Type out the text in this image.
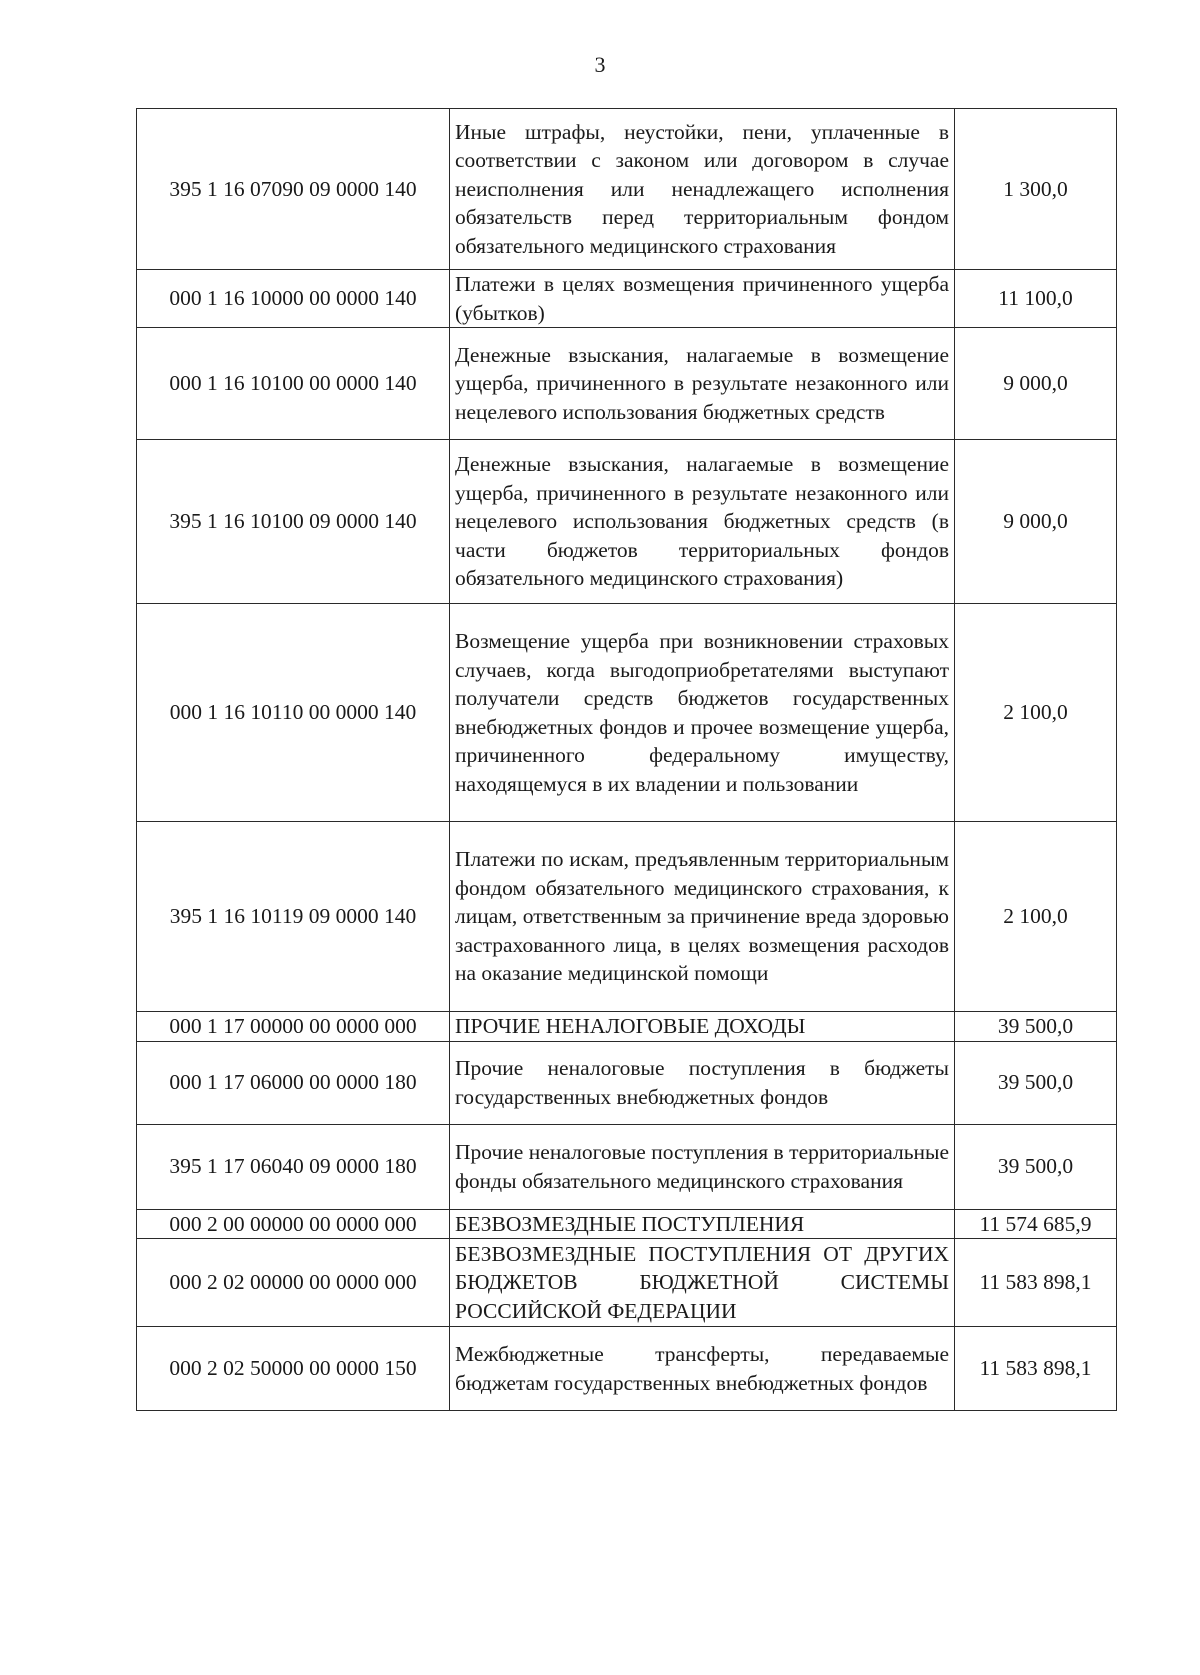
3
395 1 16 07090 09 0000 140	Иные штрафы, неустойки, пени, уплаченные в соответствии с законом или договором в случае неисполнения или ненадлежащего исполнения обязательств перед территориальным фондом обязательного медицинского страхования	1 300,0
000 1 16 10000 00 0000 140	Платежи в целях возмещения причиненного ущерба (убытков)	11 100,0
000 1 16 10100 00 0000 140	Денежные взыскания, налагаемые в возмещение ущерба, причиненного в результате незаконного или нецелевого использования бюджетных средств	9 000,0
395 1 16 10100 09 0000 140	Денежные взыскания, налагаемые в возмещение ущерба, причиненного в результате незаконного или нецелевого использования бюджетных средств (в части бюджетов территориальных фондов обязательного медицинского страхования)	9 000,0
000 1 16 10110 00 0000 140	Возмещение ущерба при возникновении страховых случаев, когда выгодоприобретателями выступают получатели средств бюджетов государственных внебюджетных фондов и прочее возмещение ущерба, причиненного федеральному имуществу, находящемуся в их владении и пользовании	2 100,0
395 1 16 10119 09 0000 140	Платежи по искам, предъявленным территориальным фондом обязательного медицинского страхования, к лицам, ответственным за причинение вреда здоровью застрахованного лица, в целях возмещения расходов на оказание медицинской помощи	2 100,0
000 1 17 00000 00 0000 000	ПРОЧИЕ НЕНАЛОГОВЫЕ ДОХОДЫ	39 500,0
000 1 17 06000 00 0000 180	Прочие неналоговые поступления в бюджеты государственных внебюджетных фондов	39 500,0
395 1 17 06040 09 0000 180	Прочие неналоговые поступления в территориальные фонды обязательного медицинского страхования	39 500,0
000 2 00 00000 00 0000 000	БЕЗВОЗМЕЗДНЫЕ ПОСТУПЛЕНИЯ	11 574 685,9
000 2 02 00000 00 0000 000	БЕЗВОЗМЕЗДНЫЕ ПОСТУПЛЕНИЯ ОТ ДРУГИХ БЮДЖЕТОВ БЮДЖЕТНОЙ СИСТЕМЫ РОССИЙСКОЙ ФЕДЕРАЦИИ	11 583 898,1
000 2 02 50000 00 0000 150	Межбюджетные трансферты, передаваемые бюджетам государственных внебюджетных фондов	11 583 898,1
